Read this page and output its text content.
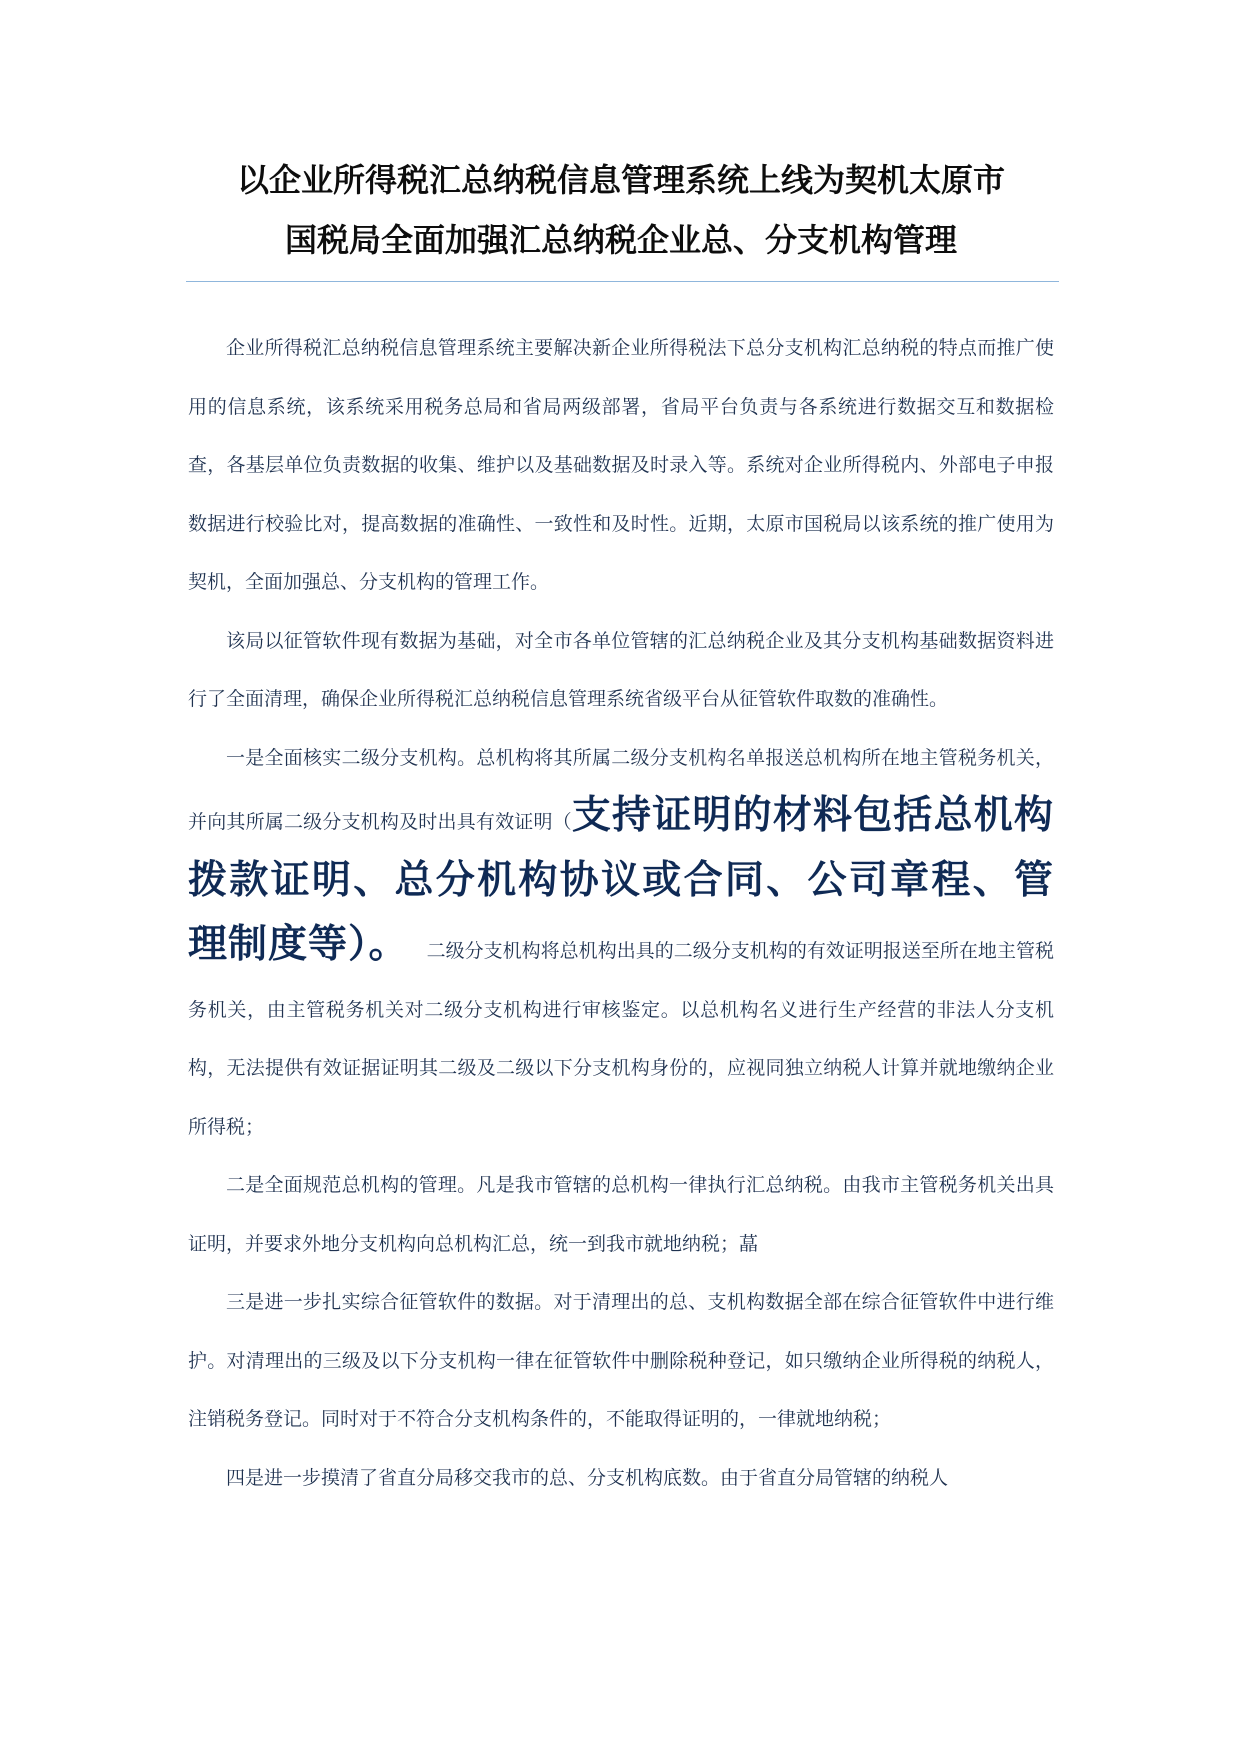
以企业所得税汇总纳税信息管理系统上线为契机太原市
国税局全面加强汇总纳税企业总、分支机构管理

企业所得税汇总纳税信息管理系统主要解决新企业所得税法下总分支机构汇总纳税的特点而推广使用的信息系统，该系统采用税务总局和省局两级部署，省局平台负责与各系统进行数据交互和数据检查，各基层单位负责数据的收集、维护以及基础数据及时录入等。系统对企业所得税内、外部电子申报数据进行校验比对，提高数据的准确性、一致性和及时性。近期，太原市国税局以该系统的推广使用为契机，全面加强总、分支机构的管理工作。

该局以征管软件现有数据为基础，对全市各单位管辖的汇总纳税企业及其分支机构基础数据资料进行了全面清理，确保企业所得税汇总纳税信息管理系统省级平台从征管软件取数的准确性。

一是全面核实二级分支机构。总机构将其所属二级分支机构名单报送总机构所在地主管税务机关，并向其所属二级分支机构及时出具有效证明（支持证明的材料包括总机构拨款证明、总分机构协议或合同、公司章程、管理制度等）。 二级分支机构将总机构出具的二级分支机构的有效证明报送至所在地主管税务机关，由主管税务机关对二级分支机构进行审核鉴定。以总机构名义进行生产经营的非法人分支机构，无法提供有效证据证明其二级及二级以下分支机构身份的，应视同独立纳税人计算并就地缴纳企业所得税；

二是全面规范总机构的管理。凡是我市管辖的总机构一律执行汇总纳税。由我市主管税务机关出具证明，并要求外地分支机构向总机构汇总，统一到我市就地纳税；蕌

三是进一步扎实综合征管软件的数据。对于清理出的总、支机构数据全部在综合征管软件中进行维护。对清理出的三级及以下分支机构一律在征管软件中删除税种登记，如只缴纳企业所得税的纳税人，注销税务登记。同时对于不符合分支机构条件的，不能取得证明的，一律就地纳税；

四是进一步摸清了省直分局移交我市的总、分支机构底数。由于省直分局管辖的纳税人
